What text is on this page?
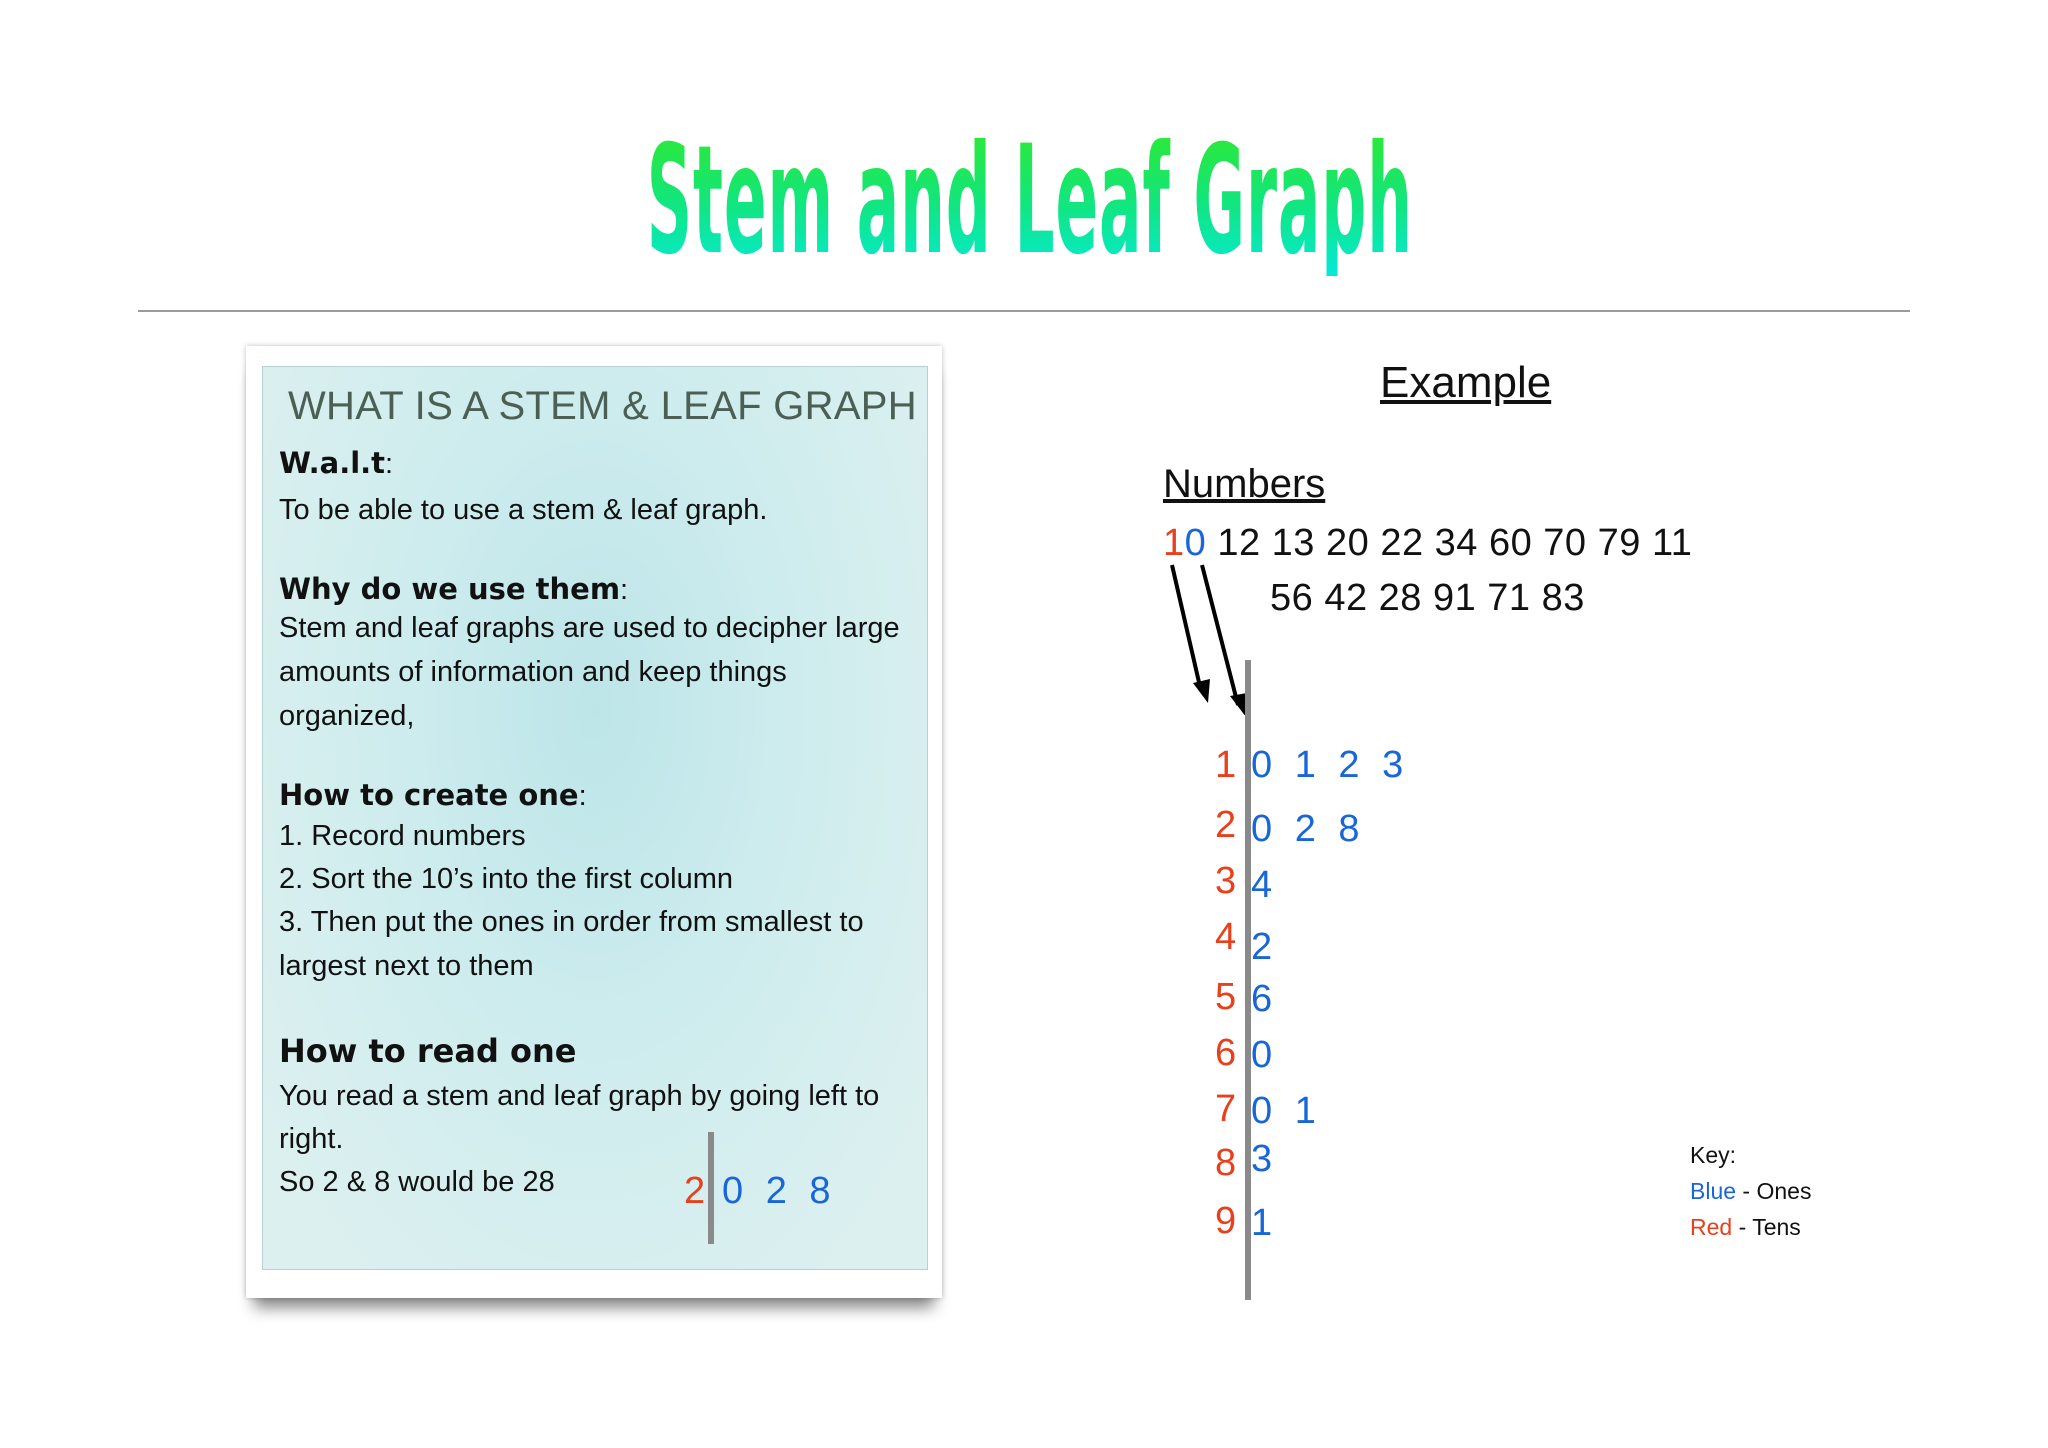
Stem and Leaf Graph
WHAT IS A STEM & LEAF GRAPH
W.a.l.t:
To be able to use a stem & leaf graph.
Why do we use them:
Stem and leaf graphs are used to decipher large
amounts of information and keep things
organized,
How to create one:
1. Record numbers
2. Sort the 10’s into the first column
3. Then put the ones in order from smallest to
largest next to them
How to read one
You read a stem and leaf graph by going left to
right.
So 2 & 8 would be 28	2 0 2 8
Example
Numbers
10 12 13 20 22 34 60 70 79 11
56 42 28 91 71 83
1 0 1 2 3
2 0 2 8
3 4
4 2
5 6
6 0
7 0 1
8 3
9 1
Key:
Blue - Ones
Red - Tens
